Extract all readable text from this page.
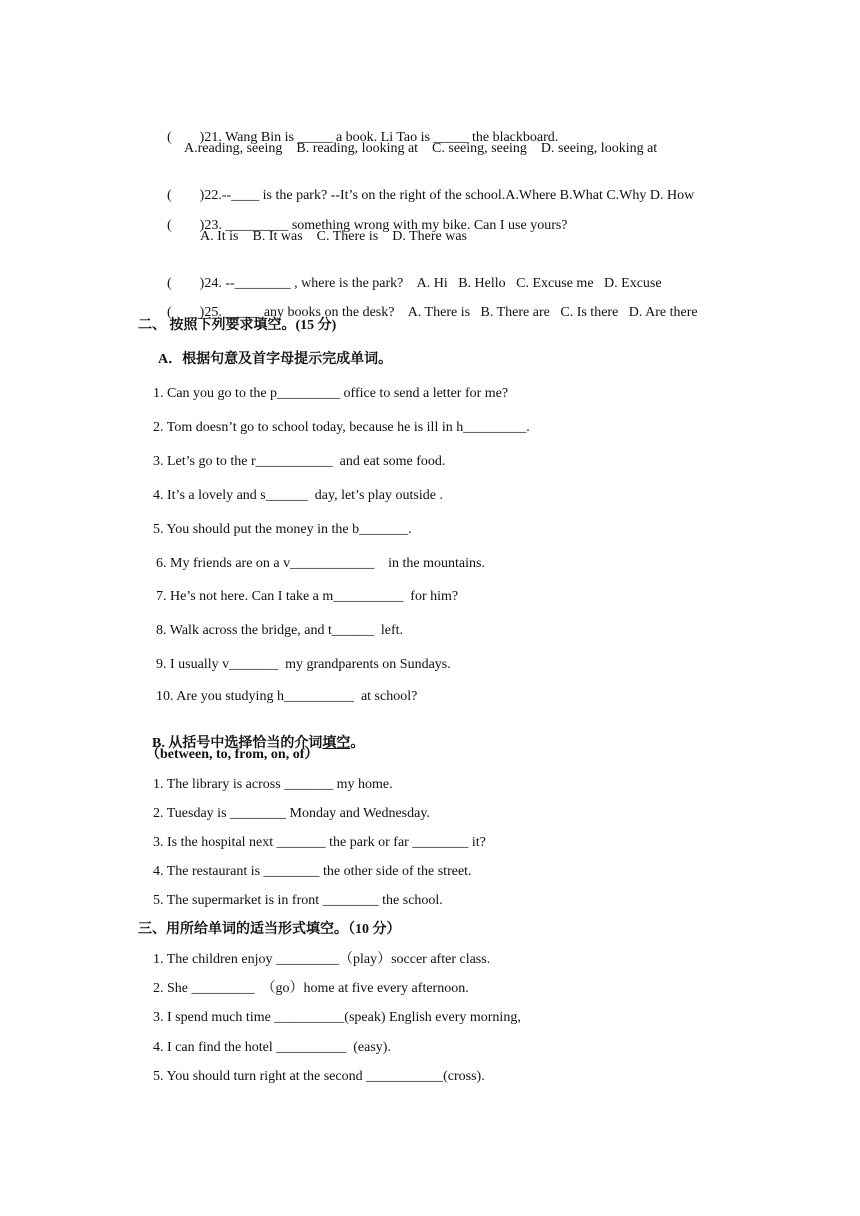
(　　)21. Wang Bin is _____ a book. Li Tao is _____ the blackboard.

A.reading, seeing    B. reading, looking at    C. seeing, seeing    D. seeing, looking at

(　　)22.--____ is the park? --It’s on the right of the school.A.Where B.What C.Why D. How

(　　)23. _________ something wrong with my bike. Can I use yours?

A. It is    B. It was    C. There is    D. There was

(　　)24. --________ , where is the park?    A. Hi   B. Hello   C. Excuse me   D. Excuse

(　　)25. _____ any books on the desk?    A. There is   B. There are   C. Is there   D. Are there

二、 按照下列要求填空。(15 分)
A．根据句意及首字母提示完成单词。
1. Can you go to the p_________ office to send a letter for me?
2. Tom doesn’t go to school today, because he is ill in h_________.
3. Let’s go to the r___________  and eat some food.
4. It’s a lovely and s______  day, let’s play outside .
5. You should put the money in the b_______.
6. My friends are on a v____________    in the mountains.
7. He’s not here. Can I take a m__________  for him?
8. Walk across the bridge, and t______  left.
9. I usually v_______  my grandparents on Sundays.
10. Are you studying h__________  at school?

B. 从括号中选择恰当的介词填空。

（between, to, from, on, of）
1. The library is across _______ my home.
2. Tuesday is ________ Monday and Wednesday.
3. Is the hospital next _______ the park or far ________ it?
4. The restaurant is ________ the other side of the street.
5. The supermarket is in front ________ the school.
三、用所给单词的适当形式填空。（10 分）
1. The children enjoy _________（play）soccer after class.
2. She _________  （go）home at five every afternoon.
3. I spend much time __________(speak) English every morning,
4. I can find the hotel __________  (easy).
5. You should turn right at the second ___________(cross).
